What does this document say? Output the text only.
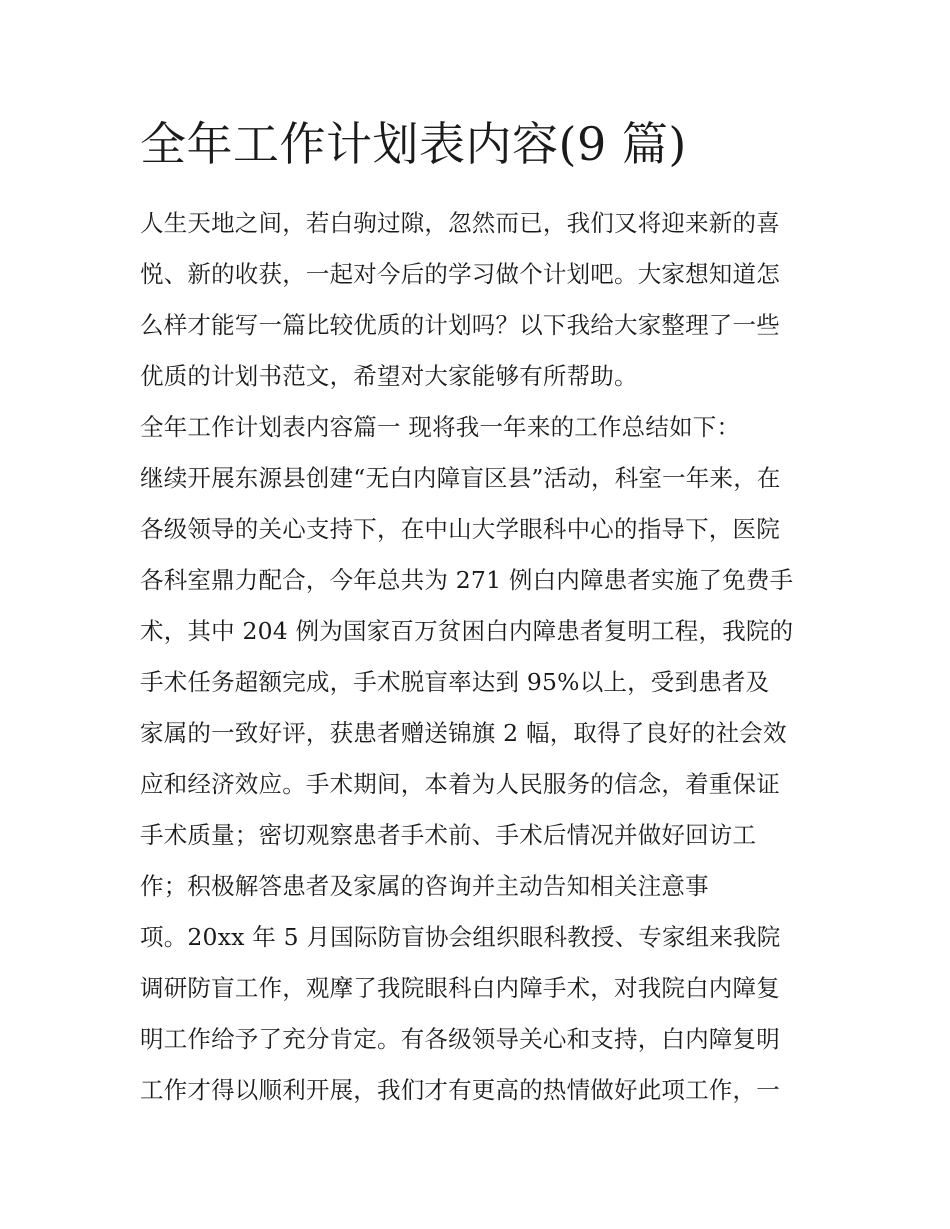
全年工作计划表内容(9 篇)
人生天地之间，若白驹过隙，忽然而已，我们又将迎来新的喜
悦、新的收获，一起对今后的学习做个计划吧。大家想知道怎
么样才能写一篇比较优质的计划吗？以下我给大家整理了一些
优质的计划书范文，希望对大家能够有所帮助。
全年工作计划表内容篇一 现将我一年来的工作总结如下：
继续开展东源县创建“无白内障盲区县”活动，科室一年来，在
各级领导的关心支持下，在中山大学眼科中心的指导下，医院
各科室鼎力配合，今年总共为 271 例白内障患者实施了免费手
术，其中 204 例为国家百万贫困白内障患者复明工程，我院的
手术任务超额完成，手术脱盲率达到 95%以上，受到患者及
家属的一致好评，获患者赠送锦旗 2 幅，取得了良好的社会效
应和经济效应。手术期间，本着为人民服务的信念，着重保证
手术质量；密切观察患者手术前、手术后情况并做好回访工
作；积极解答患者及家属的咨询并主动告知相关注意事
项。20xx 年 5 月国际防盲协会组织眼科教授、专家组来我院
调研防盲工作，观摩了我院眼科白内障手术，对我院白内障复
明工作给予了充分肯定。有各级领导关心和支持，白内障复明
工作才得以顺利开展，我们才有更高的热情做好此项工作，一
